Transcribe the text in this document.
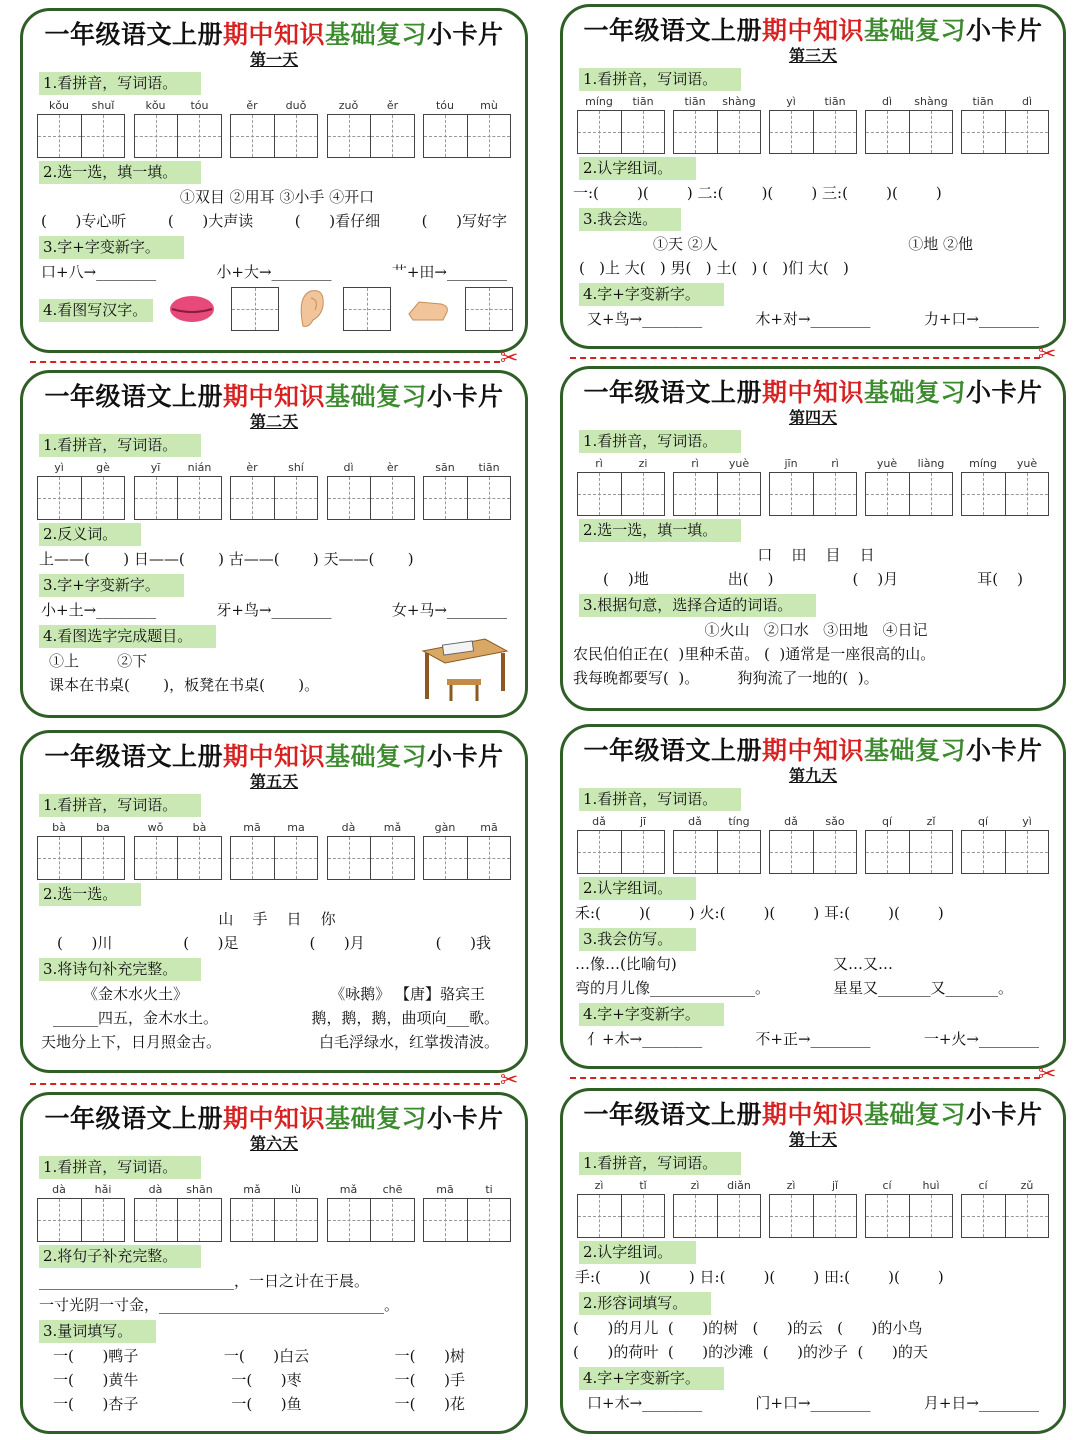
一年级语文上册期中知识基础复习小卡片
第一天
1.看拼音，写词语。
kǒu	shuǐ	kǒu	tóu	ěr	duǒ	zuǒ	ěr	tóu	mù
2.选一选，填一填。
①双目 ②用耳 ③小手 ④开口
(      )专心听	(      )大声读	(      )看仔细	(      )写好字
3.字+字变新字。
口+八→________	小+大→________	艹+田→________
4.看图写汉字。
✂
一年级语文上册期中知识基础复习小卡片
第二天
1.看拼音，写词语。
yì	gè	yī	nián	èr	shí	dì	èr	sān	tiān
2.反义词。
上——(       ) 日——(       ) 古——(       ) 天——(       )
3.字+字变新字。
小+土→________	牙+鸟→________	女+马→________
4.看图选字完成题目。
①上        ②下
课本在书桌(       )，板凳在书桌(       )。
一年级语文上册期中知识基础复习小卡片
第五天
1.看拼音，写词语。
bà	ba	wǒ	bà	mā	ma	dà	mǎ	gàn	mā
2.选一选。
山    手    日    你
(      )川	(      )足	(      )月	(      )我
3.将诗句补充完整。
《金木水火土》	《咏鹅》 【唐】骆宾王
______四五，金木水土。	鹅，鹅，鹅，曲项向___歌。
天地分上下，日月照金古。	白毛浮绿水，红掌拨清波。
✂
一年级语文上册期中知识基础复习小卡片
第六天
1.看拼音，写词语。
dà	hǎi	dà	shān	mǎ	lù	mǎ	chē	mā	ti
2.将句子补充完整。
__________________________，一日之计在于晨。
一寸光阴一寸金，______________________________。
3.量词填写。
一(      )鸭子	一(      )白云	一(      )树
一(      )黄牛	一(      )枣	一(      )手
一(      )杏子	一(      )鱼	一(      )花
一年级语文上册期中知识基础复习小卡片
第三天
1.看拼音，写词语。
míng	tiān	tiān	shàng	yì	tiān	dì	shàng	tiān	dì
2.认字组词。
一:(        )(        ) 二:(        )(        ) 三:(        )(        )
3.我会选。
①天 ②人	①地 ②他
(   )上 大(   ) 男(   ) 土(   ) (   )们 大(   )
4.字+字变新字。
又+鸟→________	木+对→________	力+口→________
✂
一年级语文上册期中知识基础复习小卡片
第四天
1.看拼音，写词语。
rì	zi	rì	yuè	jīn	rì	yuè	liàng	míng	yuè
2.选一选，填一填。
口    田    目    日
(    )地	出(    )	(    )月	耳(    )
3.根据句意，选择合适的词语。
①火山   ②口水   ③田地   ④日记
农民伯伯正在(  )里种禾苗。 (  )通常是一座很高的山。
我每晚都要写(  )。        狗狗流了一地的(  )。
一年级语文上册期中知识基础复习小卡片
第九天
1.看拼音，写词语。
dǎ	jī	dǎ	tíng	dǎ	sǎo	qí	zǐ	qí	yì
2.认字组词。
禾:(        )(        ) 火:(        )(        ) 耳:(        )(        )
3.我会仿写。
…像…(比喻句)	又…又…
弯的月儿像______________。	星星又_______又_______。
4.字+字变新字。
亻+木→________	不+正→________	一+火→________
✂
一年级语文上册期中知识基础复习小卡片
第十天
1.看拼音，写词语。
zì	tǐ	zì	diǎn	zì	jǐ	cí	huì	cí	zǔ
2.认字组词。
手:(        )(        ) 日:(        )(        ) 田:(        )(        )
2.形容词填写。
(      )的月儿  (      )的树   (      )的云   (      )的小鸟
(      )的荷叶  (      )的沙滩  (      )的沙子  (      )的天
4.字+字变新字。
口+木→________	门+口→________	月+日→________
